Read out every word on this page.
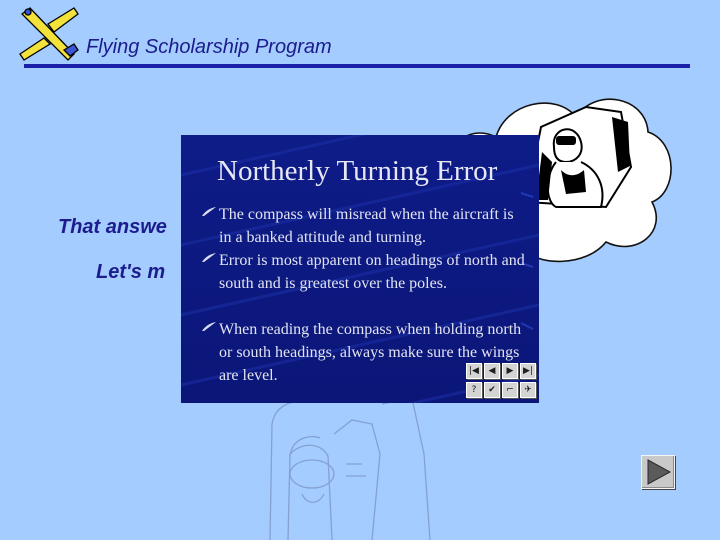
Flying Scholarship Program
That answe
Let's m
Northerly Turning Error
The compass will misread when the aircraft is in a banked attitude and turning.
Error is most apparent on headings of north and south and is greatest over the poles.
When reading the compass when holding north or south headings, always make sure the wings are level.	|◀	◀	▶	▶|
?	✔	⌐	✈
